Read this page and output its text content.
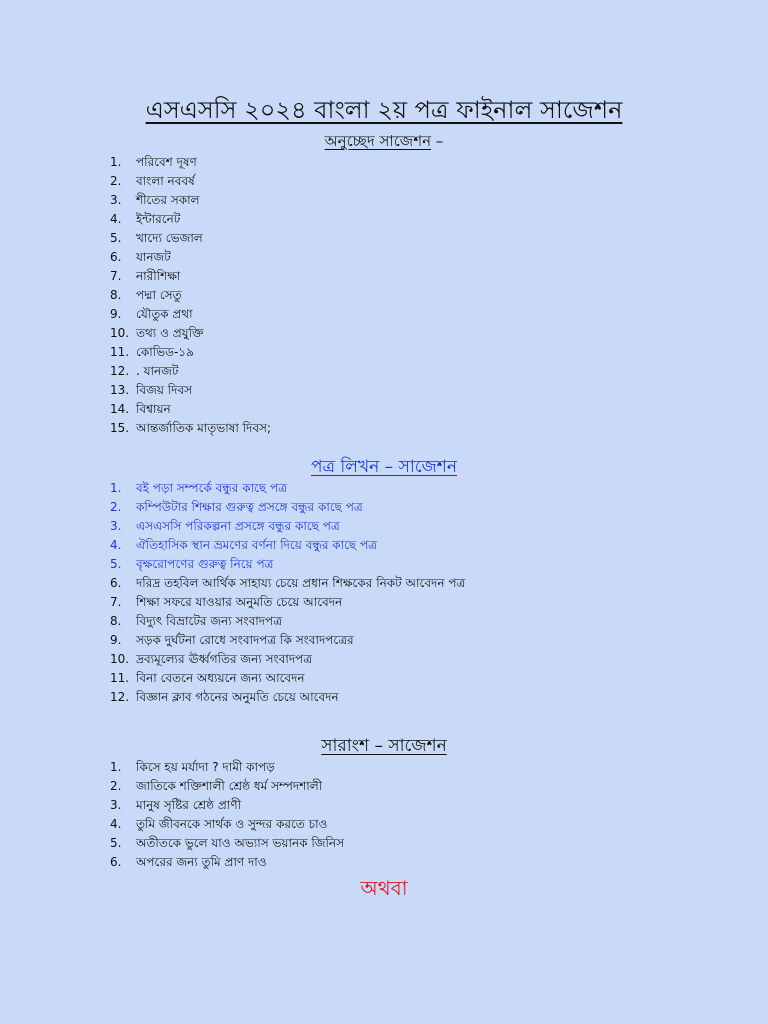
এসএসসি ২০২৪ বাংলা ২য় পত্র ফাইনাল সাজেশন
অনুচ্ছেদ সাজেশন –
1.	পরিবেশ দূষণ
2.	বাংলা নববর্ষ
3.	শীতের সকাল
4.	ইন্টারনেট
5.	খাদ্যে ভেজাল
6.	যানজট
7.	নারীশিক্ষা
8.	পদ্মা সেতু
9.	যৌতুক প্রথা
10. তথ্য ও প্রযুক্তি
11. কোভিড-১৯
12. . যানজট
13. বিজয় দিবস
14. বিশ্বায়ন
15. আন্তর্জাতিক মাতৃভাষা দিবস;
পত্র লিখন – সাজেশন
1.	বই পড়া সম্পর্কে বন্ধুর কাছে পত্র
2.	কম্পিউটার শিক্ষার গুরুত্ব প্রসঙ্গে বন্ধুর কাছে পত্র
3.	এসএসসি পরিকল্পনা প্রসঙ্গে বন্ধুর কাছে পত্র
4.	ঐতিহাসিক স্থান ভ্রমণের বর্ণনা দিয়ে বন্ধুর কাছে পত্র
5.	বৃক্ষরোপণের গুরুত্ব নিয়ে পত্র
6.	দরিদ্র তহবিল আর্থিক সাহায্য চেয়ে প্রধান শিক্ষকের নিকট আবেদন পত্র
7.	শিক্ষা সফরে যাওয়ার অনুমতি চেয়ে আবেদন
8.	বিদ্যুৎ বিভ্রাটের জন্য সংবাদপত্র
9.	সড়ক দুর্ঘটনা রোধে সংবাদপত্র কি সংবাদপত্রের
10. দ্রব্যমূল্যের ঊর্ধ্বগতির জন্য সংবাদপত্র
11. বিনা বেতনে অধ্যয়নে জন্য আবেদন
12. বিজ্ঞান ক্লাব গঠনের অনুমতি চেয়ে আবেদন
সারাংশ – সাজেশন
1.	কিসে হয় মর্যাদা ? দামী কাপড়
2.	জাতিকে শক্তিশালী শ্রেষ্ঠ ধর্ম সম্পদশালী
3.	মানুষ সৃষ্টির শ্রেষ্ঠ প্রাণী
4.	তুমি জীবনকে সার্থক ও সুন্দর করতে চাও
5.	অতীতকে ভুলে যাও অভ্যাস ভয়ানক জিনিস
6.	অপরের জন্য তুমি প্রাণ দাও
অথবা
